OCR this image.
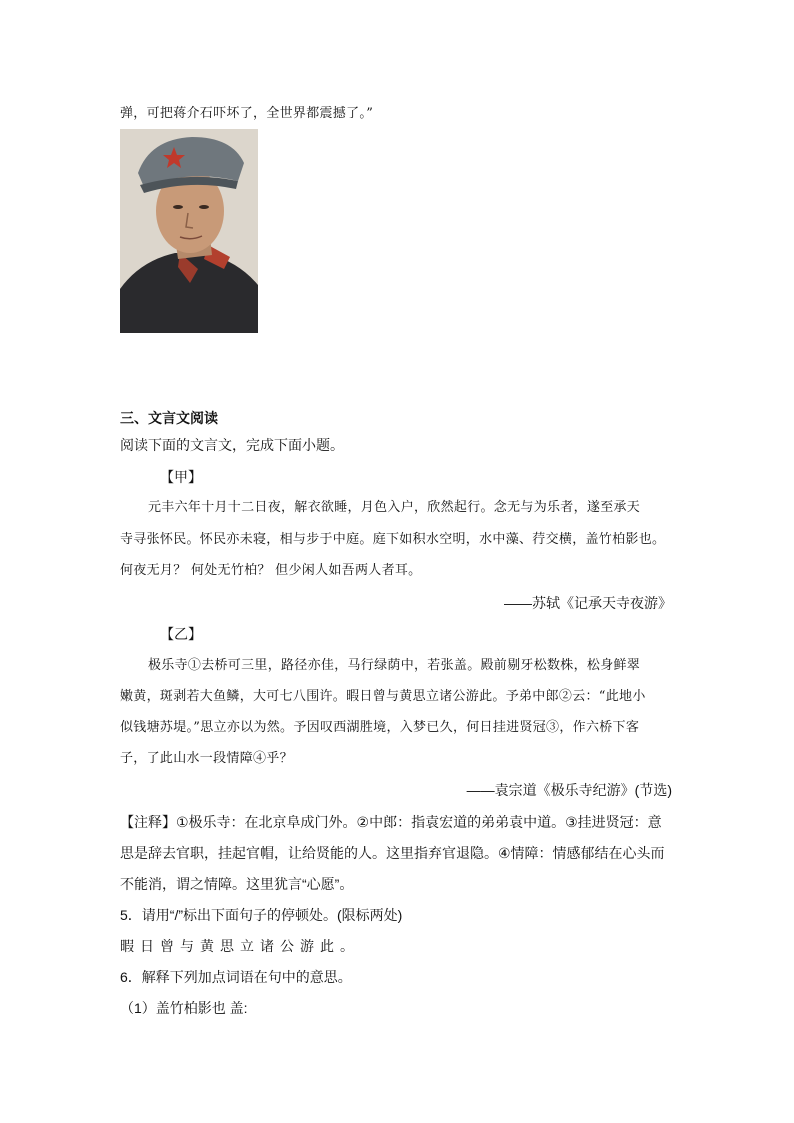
弹，可把蒋介石吓坏了，全世界都震撼了。”
三、文言文阅读
阅读下面的文言文，完成下面小题。
【甲】
元丰六年十月十二日夜，解衣欲睡，月色入户，欣然起行。念无与为乐者，遂至承天
寺寻张怀民。怀民亦未寝，相与步于中庭。庭下如积水空明，水中藻、荇交横，盖竹柏影也。
何夜无月？ 何处无竹柏？ 但少闲人如吾两人者耳。
——苏轼《记承天寺夜游》
【乙】
极乐寺①去桥可三里，路径亦佳，马行绿荫中，若张盖。殿前剔牙松数株，松身鲜翠
嫩黄，斑剥若大鱼鳞，大可七八围许。暇日曾与黄思立诸公游此。予弟中郎②云：“此地小
似钱塘苏堤。”思立亦以为然。予因叹西湖胜境，入梦已久，何日挂进贤冠③，作六桥下客
子，了此山水一段情障④乎？
——袁宗道《极乐寺纪游》(节选)
【注释】①极乐寺：在北京阜成门外。②中郎：指袁宏道的弟弟袁中道。③挂进贤冠：意
思是辞去官职，挂起官帽，让给贤能的人。这里指弃官退隐。④情障：情感郁结在心头而
不能消，谓之情障。这里犹言“心愿”。
5．请用“/”标出下面句子的停顿处。(限标两处)
暇日曾与黄思立诸公游此。
6．解释下列加点词语在句中的意思。
（1）盖竹柏影也 盖:
